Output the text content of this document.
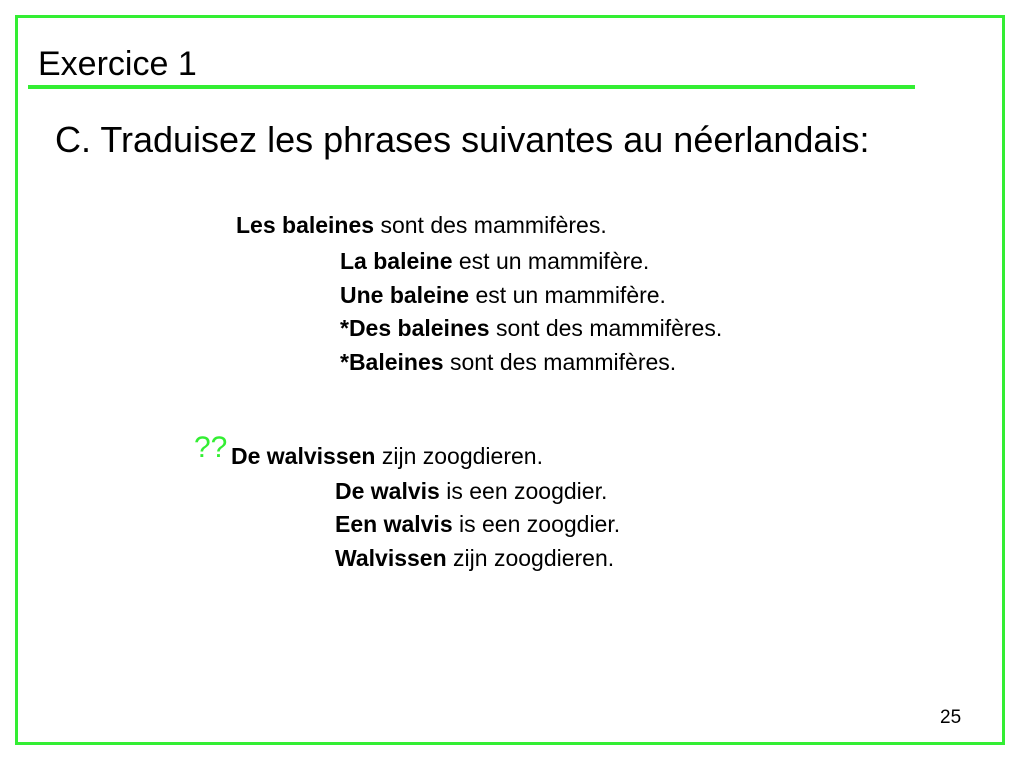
Exercice 1
C. Traduisez les phrases suivantes au néerlandais:
Les baleines sont des mammifères.
La baleine est un mammifère.
Une baleine est un mammifère.
*Des baleines sont des mammifères.
*Baleines sont des mammifères.
?? De walvissen zijn zoogdieren.
De walvis is een zoogdier.
Een walvis is een zoogdier.
Walvissen zijn zoogdieren.
25
